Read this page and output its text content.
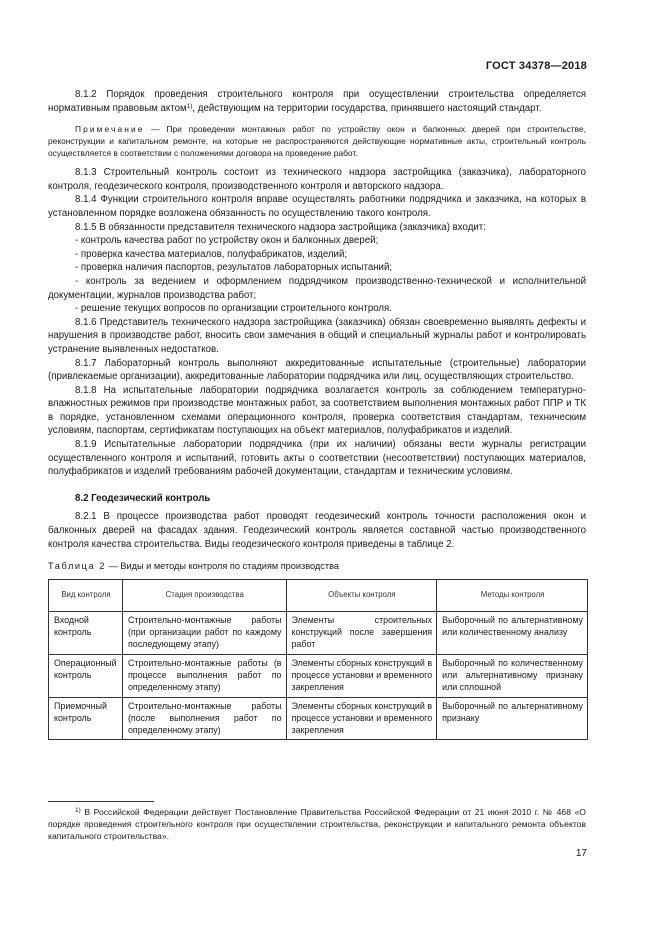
ГОСТ 34378—2018

8.1.2 Порядок проведения строительного контроля при осуществлении строительства определяется нормативным правовым актом$^{1)}$, действующим на территории государства, принявшего настоящий стандарт.

Примечание — При проведении монтажных работ по устройству окон и балконных дверей при строительстве, реконструкции и капитальном ремонте, на которые не распространяются действующие нормативные акты, строительный контроль осуществляется в соответствии с положениями договора на проведение работ.

8.1.3 Строительный контроль состоит из технического надзора застройщика (заказчика), лабораторного контроля, геодезического контроля, производственного контроля и авторского надзора.

8.1.4 Функции строительного контроля вправе осуществлять работники подрядчика и заказчика, на которых в установленном порядке возложена обязанность по осуществлению такого контроля.

8.1.5 В обязанности представителя технического надзора застройщика (заказчика) входит:

- контроль качества работ по устройству окон и балконных дверей;

- проверка качества материалов, полуфабрикатов, изделий;

- проверка наличия паспортов, результатов лабораторных испытаний;

- контроль за ведением и оформлением подрядчиком производственно-технической и исполнительной документации, журналов производства работ;

- решение текущих вопросов по организации строительного контроля.

8.1.6 Представитель технического надзора застройщика (заказчика) обязан своевременно выявлять дефекты и нарушения в производстве работ, вносить свои замечания в общий и специальный журналы работ и контролировать устранение выявленных недостатков.

8.1.7 Лабораторный контроль выполняют аккредитованные испытательные (строительные) лаборатории (привлекаемые организации), аккредитованные лаборатории подрядчика или лиц, осуществляющих строительство.

8.1.8 На испытательные лаборатории подрядчика возлагается контроль за соблюдением температурно-влажностных режимов при производстве монтажных работ, за соответствием выполнения монтажных работ ППР и ТК в порядке, установленном схемами операционного контроля, проверка соответствия стандартам, техническим условиям, паспортам, сертификатам поступающих на объект материалов, полуфабрикатов и изделий.

8.1.9 Испытательные лаборатории подрядчика (при их наличии) обязаны вести журналы регистрации осуществленного контроля и испытаний, готовить акты о соответствии (несоответствии) поступающих материалов, полуфабрикатов и изделий требованиям рабочей документации, стандартам и техническим условиям.

8.2 Геодезический контроль

8.2.1 В процессе производства работ проводят геодезический контроль точности расположения окон и балконных дверей на фасадах здания. Геодезический контроль является составной частью производственного контроля качества строительства. Виды геодезического контроля приведены в таблице 2.

Таблица 2 — Виды и методы контроля по стадиям производства

Вид контроля	Стадия производства	Объекты контроля	Методы контроля
Входной контроль	Строительно-монтажные работы (при организации работ по каждому последующему этапу)	Элементы строительных конструкций после завершения работ	Выборочный по альтернативному или количественному анализу
Операционный контроль	Строительно-монтажные работы (в процессе выполнения работ по определенному этапу)	Элементы сборных конструкций в процессе установки и временного закрепления	Выборочный по количественному или альтернативному признаку или сплошной
Приемочный контроль	Строительно-монтажные работы (после выполнения работ по определенному этапу)	Элементы сборных конструкций в процессе установки и временного закрепления	Выборочный по альтернативному признаку
$^{1)}$ В Российской Федерации действует Постановление Правительства Российской Федерации от 21 июня 2010 г. № 468 «О порядке проведения строительного контроля при осуществлении строительства, реконструкции и капитального ремонта объектов капитального строительства».
17
